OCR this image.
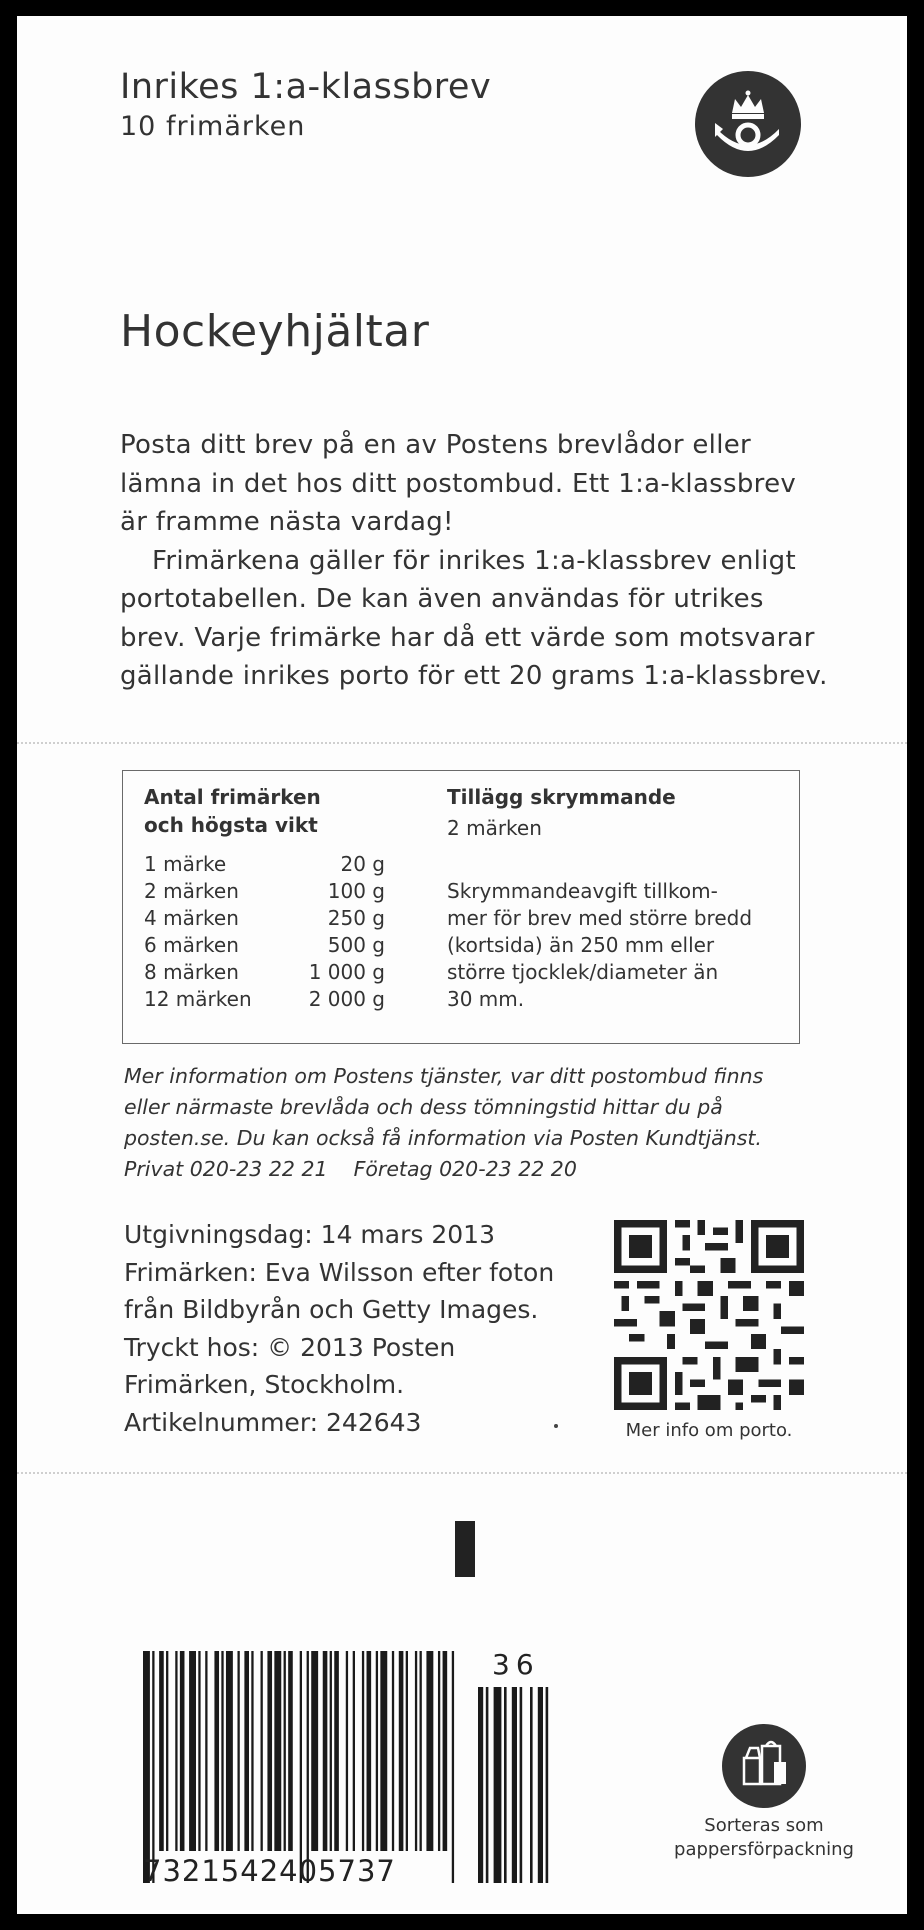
Inrikes 1:a-klassbrev
10 frimärken
Hockeyhjältar

Posta ditt brev på en av Postens brevlådor eller

lämna in det hos ditt postombud. Ett 1:a-klassbrev

är framme nästa vardag!

Frimärkena gäller för inrikes 1:a-klassbrev enligt

portotabellen. De kan även användas för utrikes

brev. Varje frimärke har då ett värde som motsvarar

gällande inrikes porto för ett 20 grams 1:a-klassbrev.

Antal frimärken
och högsta vikt
1 märke	20 g
2 märken	100 g
4 märken	250 g
6 märken	500 g
8 märken	1 000 g
12 märken	2 000 g
Tillägg skrymmande
2 märken
Skrymmandeavgift tillkom-
mer för brev med större bredd
(kortsida) än 250 mm eller
större tjocklek/diameter än
30 mm.
Mer information om Postens tjänster, var ditt postombud finns
eller närmaste brevlåda och dess tömningstid hittar du på
posten.se. Du kan också få information via Posten Kundtjänst.
Privat 020-23 22 21 Företag 020-23 22 20
Utgivningsdag: 14 mars 2013
Frimärken: Eva Wilsson efter foton
från Bildbyrån och Getty Images.
Tryckt hos: © 2013 Posten
Frimärken, Stockholm.
Artikelnummer: 242643	Mer info om porto.
36
7321542405737
Sorteras som
pappersförpackning
